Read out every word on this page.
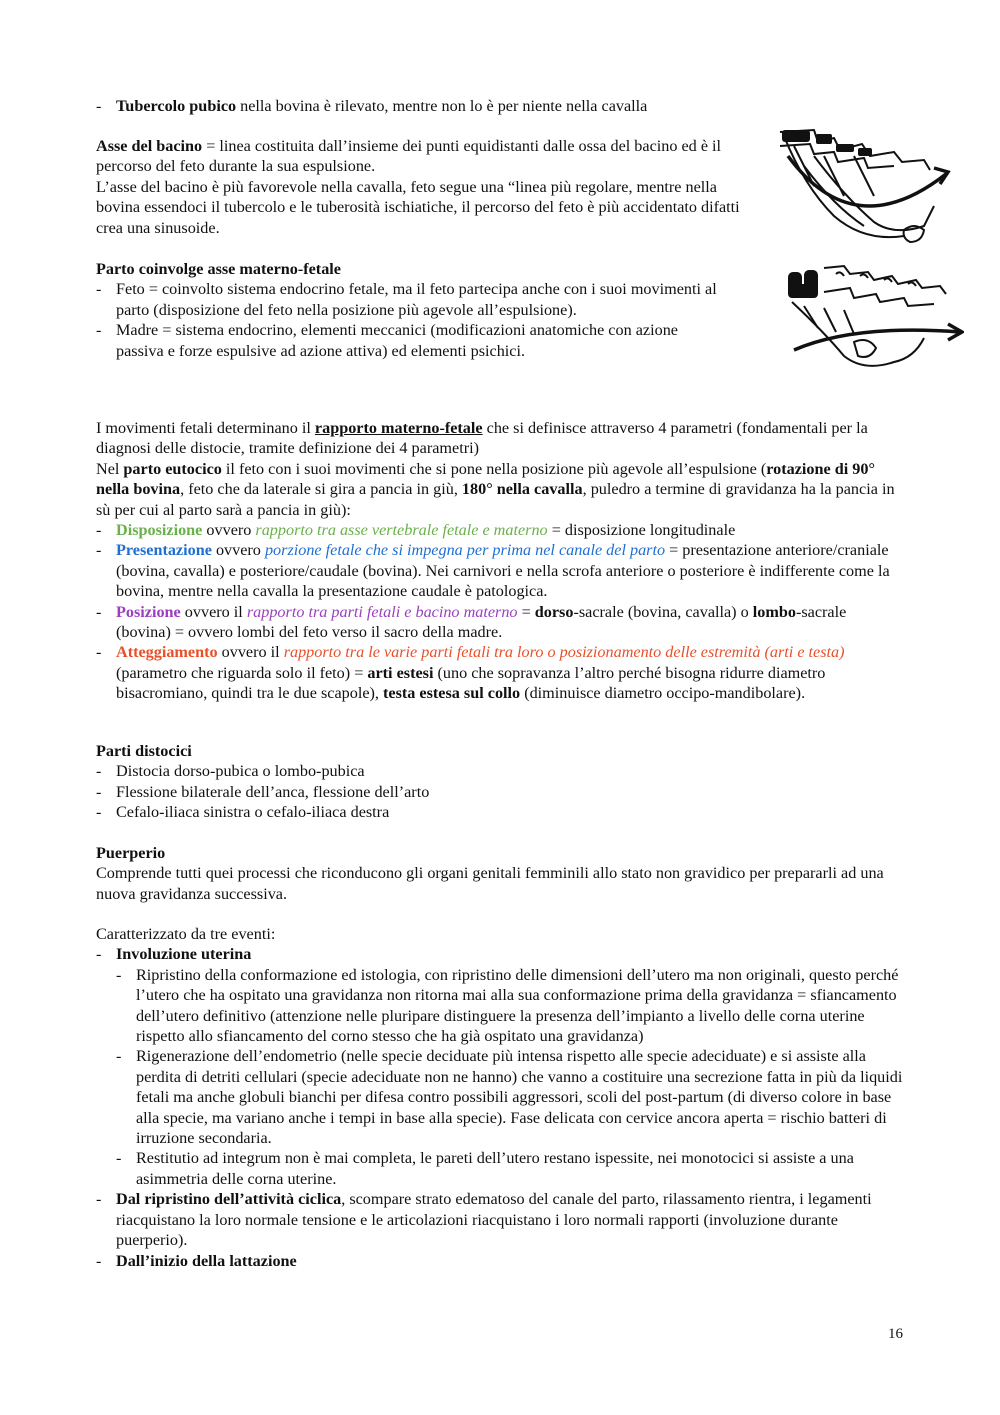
- Tubercolo pubico nella bovina è rilevato, mentre non lo è per niente nella cavalla

Asse del bacino = linea costituita dall’insieme dei punti equidistanti dalle ossa del bacino ed è il percorso del feto durante la sua espulsione.

L’asse del bacino è più favorevole nella cavalla, feto segue una “linea più regolare, mentre nella bovina essendoci il tubercolo e le tuberosità ischiatiche, il percorso del feto è più accidentato difatti crea una sinusoide.

Parto coinvolge asse materno-fetale

- Feto = coinvolto sistema endocrino fetale, ma il feto partecipa anche con i suoi movimenti al parto (disposizione del feto nella posizione più agevole all’espulsione).

- Madre = sistema endocrino, elementi meccanici (modificazioni anatomiche con azione passiva e forze espulsive ad azione attiva) ed elementi psichici.

I movimenti fetali determinano il rapporto materno-fetale che si definisce attraverso 4 parametri (fondamentali per la diagnosi delle distocie, tramite definizione dei 4 parametri)

Nel parto eutocico il feto con i suoi movimenti che si pone nella posizione più agevole all’espulsione (rotazione di 90° nella bovina, feto che da laterale si gira a pancia in giù, 180° nella cavalla, puledro a termine di gravidanza ha la pancia in sù per cui al parto sarà a pancia in giù):

- Disposizione ovvero rapporto tra asse vertebrale fetale e materno = disposizione longitudinale

- Presentazione ovvero porzione fetale che si impegna per prima nel canale del parto = presentazione anteriore/craniale (bovina, cavalla) e posteriore/caudale (bovina). Nei carnivori e nella scrofa anteriore o posteriore è indifferente come la bovina, mentre nella cavalla la presentazione caudale è patologica.

- Posizione ovvero il rapporto tra parti fetali e bacino materno = dorso-sacrale (bovina, cavalla) o lombo-sacrale (bovina) = ovvero lombi del feto verso il sacro della madre.

- Atteggiamento ovvero il rapporto tra le varie parti fetali tra loro o posizionamento delle estremità (arti e testa) (parametro che riguarda solo il feto) = arti estesi (uno che sopravanza l’altro perché bisogna ridurre diametro bisacromiano, quindi tra le due scapole), testa estesa sul collo (diminuisce diametro occipo-mandibolare).

Parti distocici

- Distocia dorso-pubica o lombo-pubica

- Flessione bilaterale dell’anca, flessione dell’arto

- Cefalo-iliaca sinistra o cefalo-iliaca destra

Puerperio

Comprende tutti quei processi che riconducono gli organi genitali femminili allo stato non gravidico per prepararli ad una nuova gravidanza successiva.

Caratterizzato da tre eventi:

- Involuzione uterina

- Ripristino della conformazione ed istologia, con ripristino delle dimensioni dell’utero ma non originali, questo perché l’utero che ha ospitato una gravidanza non ritorna mai alla sua conformazione prima della gravidanza = sfiancamento dell’utero definitivo (attenzione nelle pluripare distinguere la presenza dell’impianto a livello delle corna uterine rispetto allo sfiancamento del corno stesso che ha già ospitato una gravidanza)

- Rigenerazione dell’endometrio (nelle specie deciduate più intensa rispetto alle specie adeciduate) e si assiste alla perdita di detriti cellulari (specie adeciduate non ne hanno) che vanno a costituire una secrezione fatta in più da liquidi fetali ma anche globuli bianchi per difesa contro possibili aggressori, scoli del post-partum (di diverso colore in base alla specie, ma variano anche i tempi in base alla specie). Fase delicata con cervice ancora aperta = rischio batteri di irruzione secondaria.

- Restitutio ad integrum non è mai completa, le pareti dell’utero restano ispessite, nei monotocici si assiste a una asimmetria delle corna uterine.

- Dal ripristino dell’attività ciclica, scompare strato edematoso del canale del parto, rilassamento rientra, i legamenti riacquistano la loro normale tensione e le articolazioni riacquistano i loro normali rapporti (involuzione durante puerperio).

- Dall’inizio della lattazione

16
